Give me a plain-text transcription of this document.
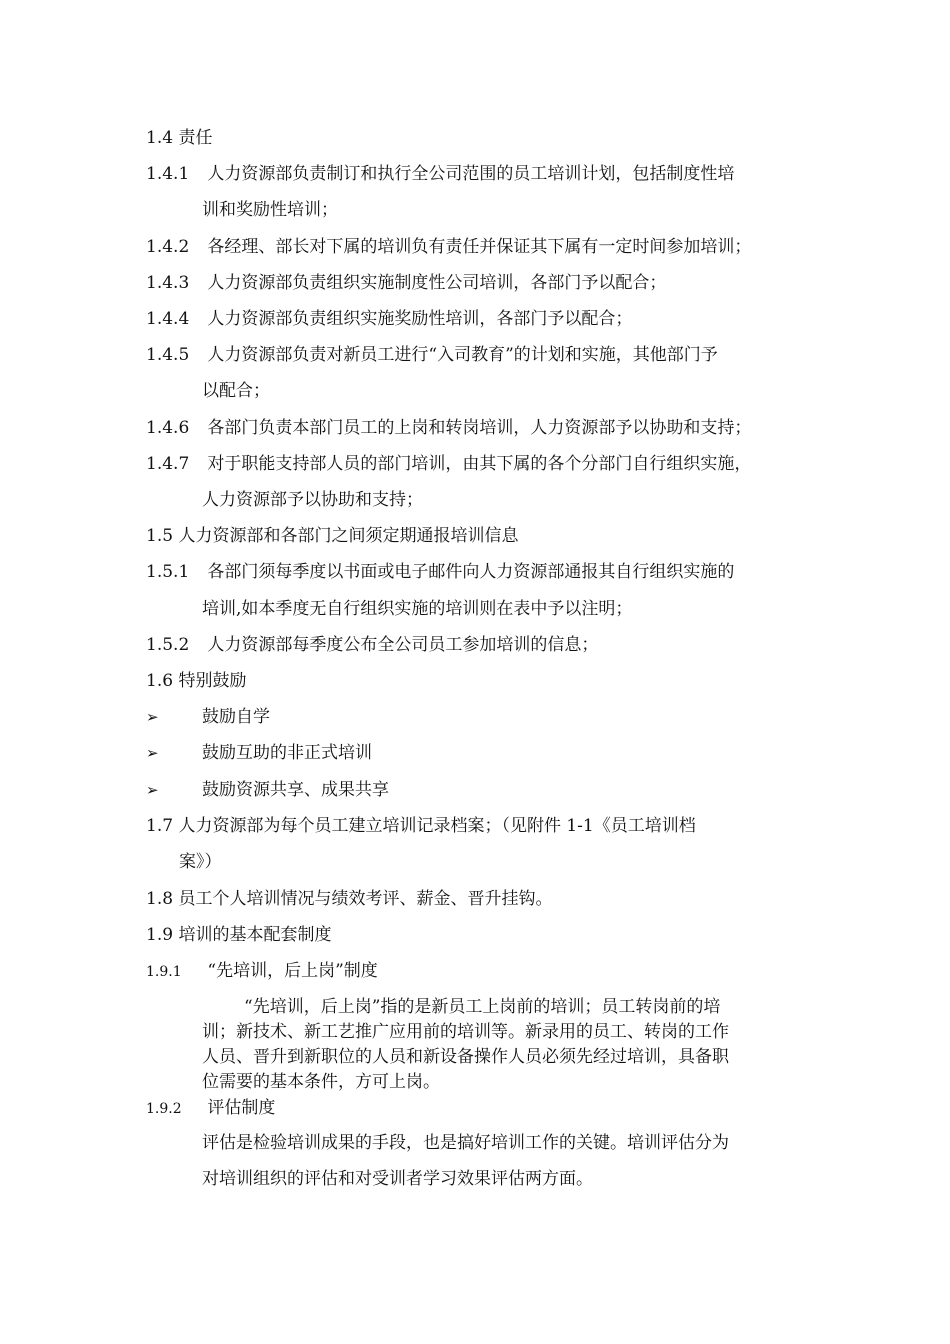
1.4 责任

1.4.1 人力资源部负责制订和执行全公司范围的员工培训计划，包括制度性培

训和奖励性培训；

1.4.2 各经理、部长对下属的培训负有责任并保证其下属有一定时间参加培训；

1.4.3 人力资源部负责组织实施制度性公司培训，各部门予以配合；

1.4.4 人力资源部负责组织实施奖励性培训，各部门予以配合；

1.4.5 人力资源部负责对新员工进行“入司教育”的计划和实施，其他部门予

以配合；

1.4.6 各部门负责本部门员工的上岗和转岗培训，人力资源部予以协助和支持；

1.4.7 对于职能支持部人员的部门培训，由其下属的各个分部门自行组织实施，

人力资源部予以协助和支持；

1.5 人力资源部和各部门之间须定期通报培训信息

1.5.1 各部门须每季度以书面或电子邮件向人力资源部通报其自行组织实施的

培训,如本季度无自行组织实施的培训则在表中予以注明；

1.5.2 人力资源部每季度公布全公司员工参加培训的信息；

1.6 特别鼓励

➢	鼓励自学

➢	鼓励互助的非正式培训

➢	鼓励资源共享、成果共享

1.7 人力资源部为每个员工建立培训记录档案；（见附件 1-1《员工培训档

案》）

1.8 员工个人培训情况与绩效考评、薪金、晋升挂钩。

1.9 培训的基本配套制度

1.9.1 “先培训，后上岗”制度

“先培训，后上岗”指的是新员工上岗前的培训；员工转岗前的培

训；新技术、新工艺推广应用前的培训等。新录用的员工、转岗的工作

人员、晋升到新职位的人员和新设备操作人员必须先经过培训，具备职

位需要的基本条件，方可上岗。

1.9.2 评估制度

评估是检验培训成果的手段，也是搞好培训工作的关键。培训评估分为

对培训组织的评估和对受训者学习效果评估两方面。
